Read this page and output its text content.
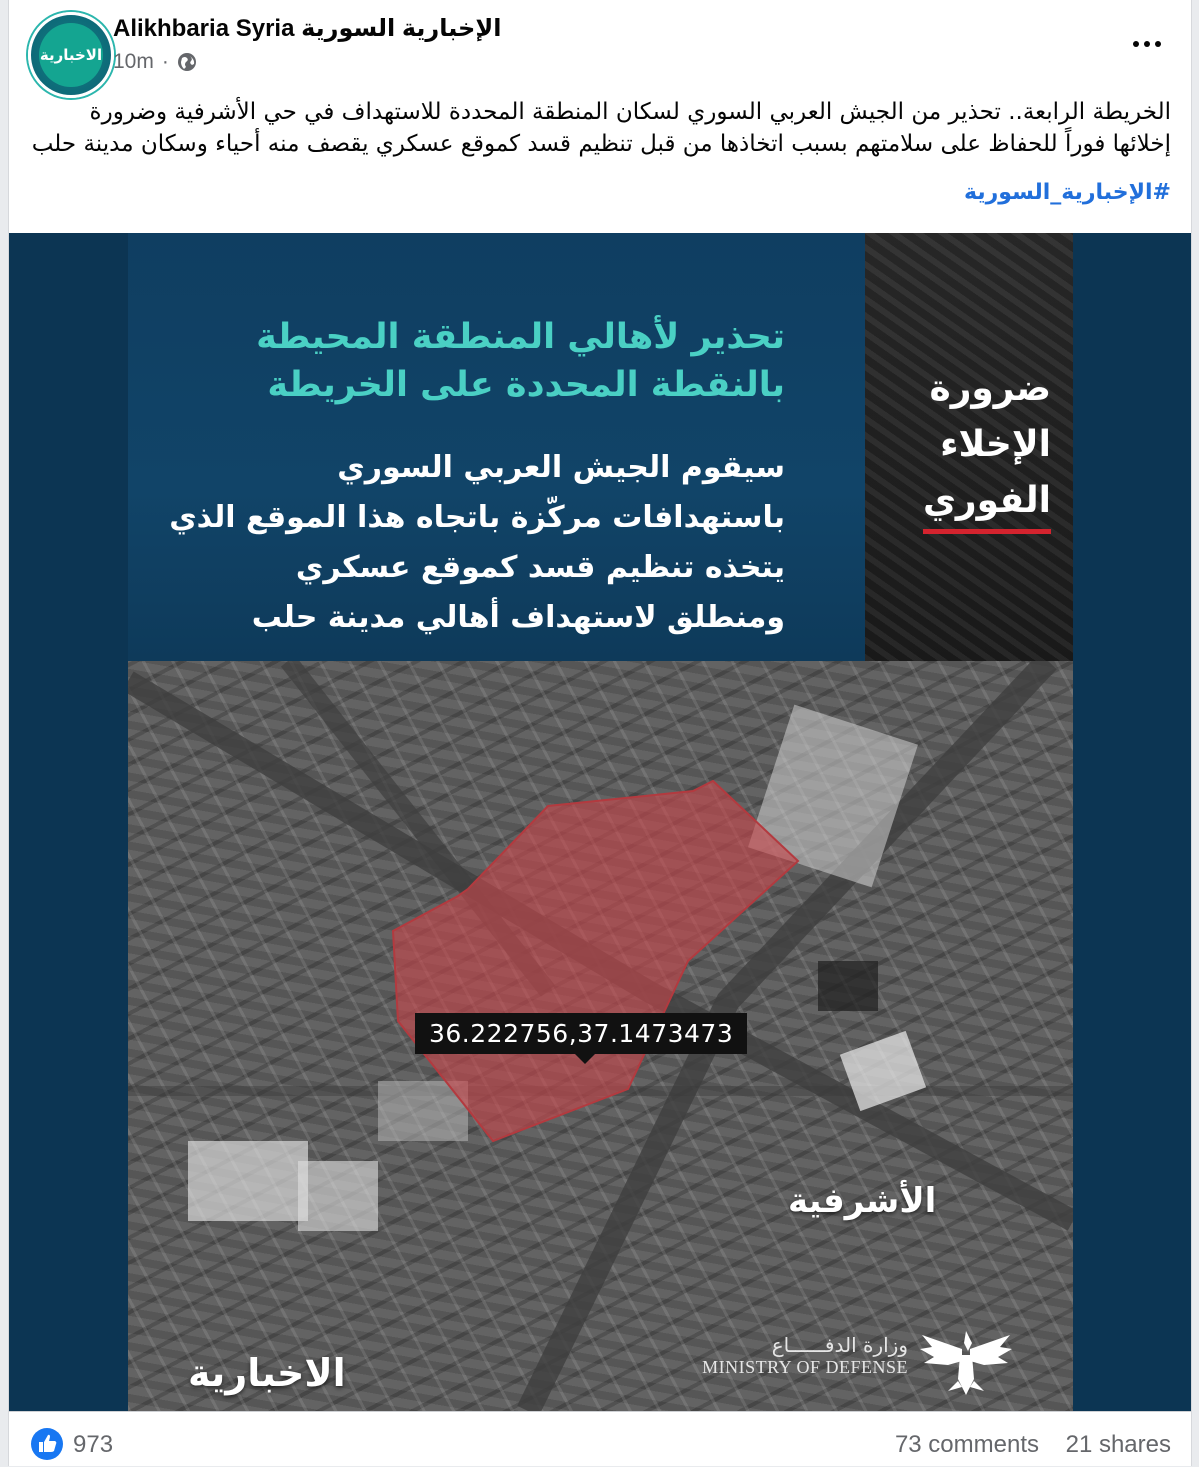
الاخبارية
Alikhbaria Syria الإخبارية السورية
10m ·
الخريطة الرابعة.. تحذير من الجيش العربي السوري لسكان المنطقة المحددة للاستهداف في حي الأشرفية وضرورة إخلائها فوراً للحفاظ على سلامتهم بسبب اتخاذها من قبل تنظيم قسد كموقع عسكري يقصف منه أحياء وسكان مدينة حلب
#الإخبارية_السورية
تحذير لأهالي المنطقة المحيطة بالنقطة المحددة على الخريطة
سيقوم الجيش العربي السوري باستهدافات مركّزة باتجاه هذا الموقع الذي يتخذه تنظيم قسد كموقع عسكري ومنطلق لاستهداف أهالي مدينة حلب
ضرورة
الإخلاء
الفوري
36.222756,37.1473473
الأشرفية
الاخبارية
وزارة الدفــــــاع
MINISTRY OF DEFENSE
973	73 comments 21 shares
